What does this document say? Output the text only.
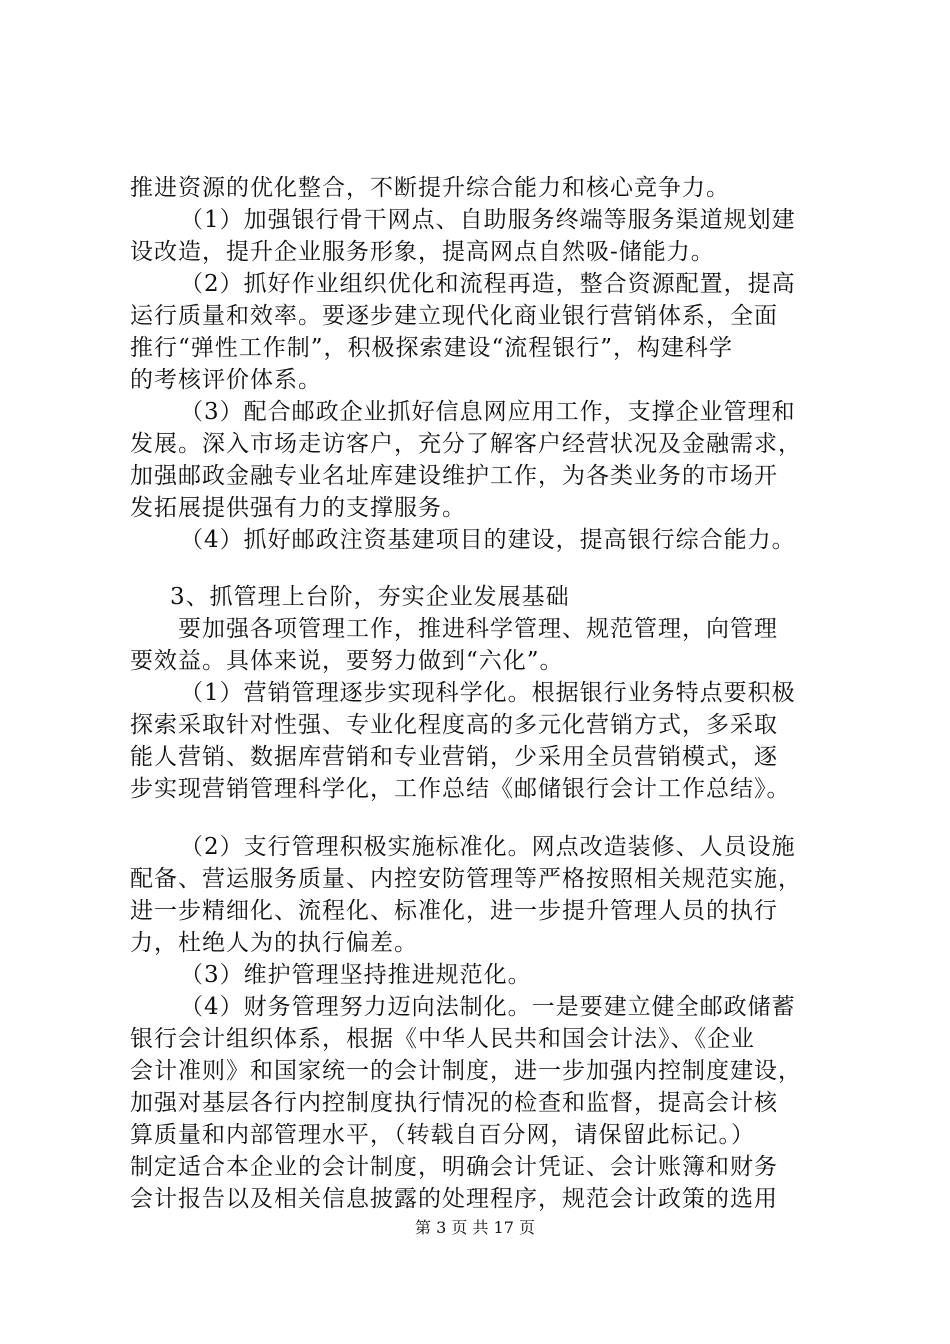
推进资源的优化整合，不断提升综合能力和核心竞争力。
（1）加强银行骨干网点、自助服务终端等服务渠道规划建
设改造，提升企业服务形象，提高网点自然吸-储能力。
（2）抓好作业组织优化和流程再造，整合资源配置，提高
运行质量和效率。要逐步建立现代化商业银行营销体系，全面
推行“弹性工作制”，积极探索建设“流程银行”，构建科学
的考核评价体系。
（3）配合邮政企业抓好信息网应用工作，支撑企业管理和
发展。深入市场走访客户，充分了解客户经营状况及金融需求，
加强邮政金融专业名址库建设维护工作，为各类业务的市场开
发拓展提供强有力的支撑服务。
（4）抓好邮政注资基建项目的建设，提高银行综合能力。
3、抓管理上台阶，夯实企业发展基础
要加强各项管理工作，推进科学管理、规范管理，向管理
要效益。具体来说，要努力做到“六化”。
（1）营销管理逐步实现科学化。根据银行业务特点要积极
探索采取针对性强、专业化程度高的多元化营销方式，多采取
能人营销、数据库营销和专业营销，少采用全员营销模式，逐
步实现营销管理科学化，工作总结《邮储银行会计工作总结》。
（2）支行管理积极实施标准化。网点改造装修、人员设施
配备、营运服务质量、内控安防管理等严格按照相关规范实施，
进一步精细化、流程化、标准化，进一步提升管理人员的执行
力，杜绝人为的执行偏差。
（3）维护管理坚持推进规范化。
（4）财务管理努力迈向法制化。一是要建立健全邮政储蓄
银行会计组织体系，根据《中华人民共和国会计法》、《企业
会计准则》和国家统一的会计制度，进一步加强内控制度建设，
加强对基层各行内控制度执行情况的检查和监督，提高会计核
算质量和内部管理水平，（转载自百分网，请保留此标记。）
制定适合本企业的会计制度，明确会计凭证、会计账簿和财务
会计报告以及相关信息披露的处理程序，规范会计政策的选用
第 3 页 共 17 页
